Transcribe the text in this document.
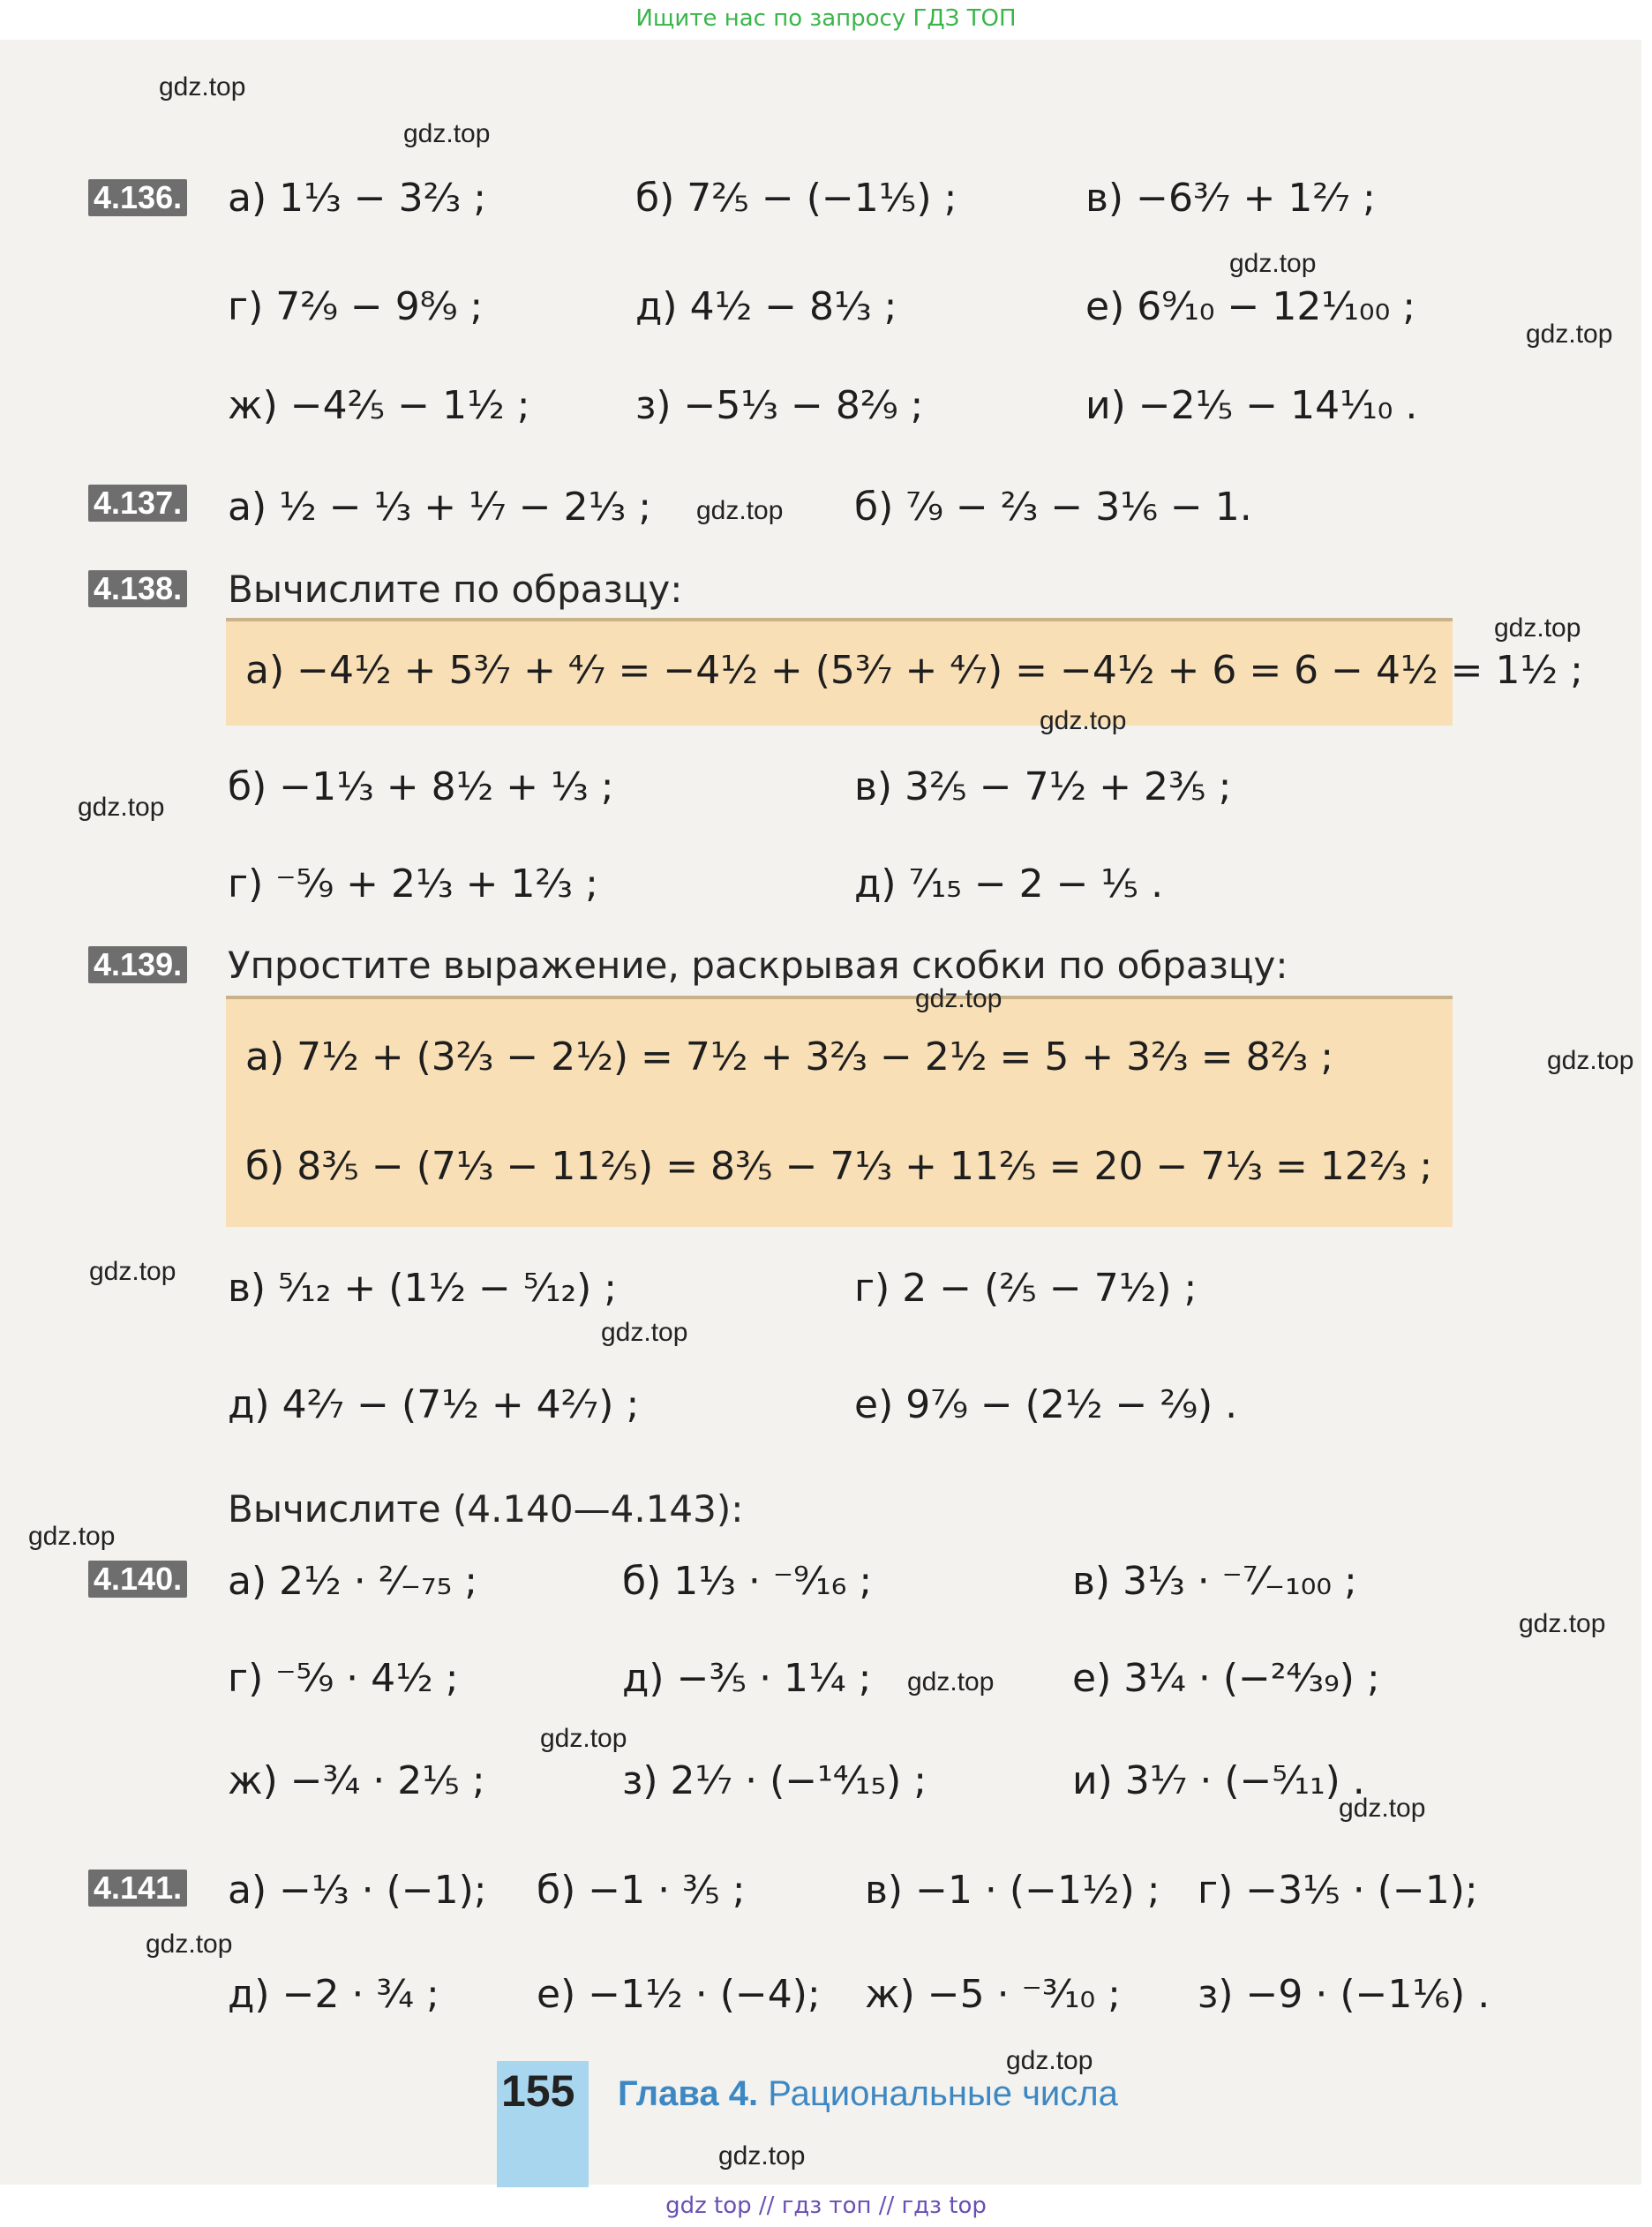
Ищите нас по запросу ГДЗ ТОП
4.136. а) 1⅓ − 3⅔ ;	б) 7⅖ − (−1⅕) ;	в) −6³⁄₇ + 1²⁄₇ ;
г) 7²⁄₉ − 9⁸⁄₉ ;	д) 4½ − 8⅓ ;	е) 6⁹⁄₁₀ − 12¹⁄₁₀₀ ;
ж) −4⅖ − 1½ ;	з) −5⅓ − 8²⁄₉ ;	и) −2⅕ − 14¹⁄₁₀ .
4.137. а) ½ − ⅓ + ⅐ − 2⅓ ;	б) ⁷⁄₉ − ⅔ − 3⅙ − 1.
4.138. Вычислите по образцу:
а) −4½ + 5³⁄₇ + ⁴⁄₇ = −4½ + (5³⁄₇ + ⁴⁄₇) = −4½ + 6 = 6 − 4½ = 1½ ;
б) −1⅓ + 8½ + ⅓ ;	в) 3⅖ − 7½ + 2⅗ ;
г) ⁻⁵⁄₉ + 2⅓ + 1⅔ ;	д) ⁷⁄₁₅ − 2 − ⅕ .
4.139. Упростите выражение, раскрывая скобки по образцу:
а) 7½ + (3⅔ − 2½) = 7½ + 3⅔ − 2½ = 5 + 3⅔ = 8⅔ ;
б) 8⅗ − (7⅓ − 11⅖) = 8⅗ − 7⅓ + 11⅖ = 20 − 7⅓ = 12⅔ ;
в) ⁵⁄₁₂ + (1½ − ⁵⁄₁₂) ;	г) 2 − (⅖ − 7½) ;
д) 4²⁄₇ − (7½ + 4²⁄₇) ;	е) 9⁷⁄₉ − (2½ − ²⁄₉) .
Вычислите (4.140—4.143):
4.140. а) 2½ · ²⁄₋₇₅ ;	б) 1⅓ · ⁻⁹⁄₁₆ ;	в) 3⅓ · ⁻⁷⁄₋₁₀₀ ;
г) ⁻⁵⁄₉ · 4½ ;	д) −⅗ · 1¼ ;	е) 3¼ · (−²⁴⁄₃₉) ;
ж) −¾ · 2⅕ ;	з) 2⅐ · (−¹⁴⁄₁₅) ;	и) 3⅐ · (−⁵⁄₁₁) .
4.141. а) −⅓ · (−1); б) −1 · ⅗ ;	в) −1 · (−1½) ; г) −3⅕ · (−1);
д) −2 · ¾ ;	е) −1½ · (−4); ж) −5 · ⁻³⁄₁₀ ; з) −9 · (−1⅙) .
155 Глава 4. Рациональные числа
gdz.top
gdz.top
gdz.top
gdz.top
gdz.top
gdz.top
gdz.top
gdz.top
gdz.top
gdz.top
gdz.top
gdz.top
gdz.top
gdz.top
gdz.top
gdz.top
gdz.top
gdz.top
gdz.top
gdz.top
gdz top // гдз топ // гдз top
